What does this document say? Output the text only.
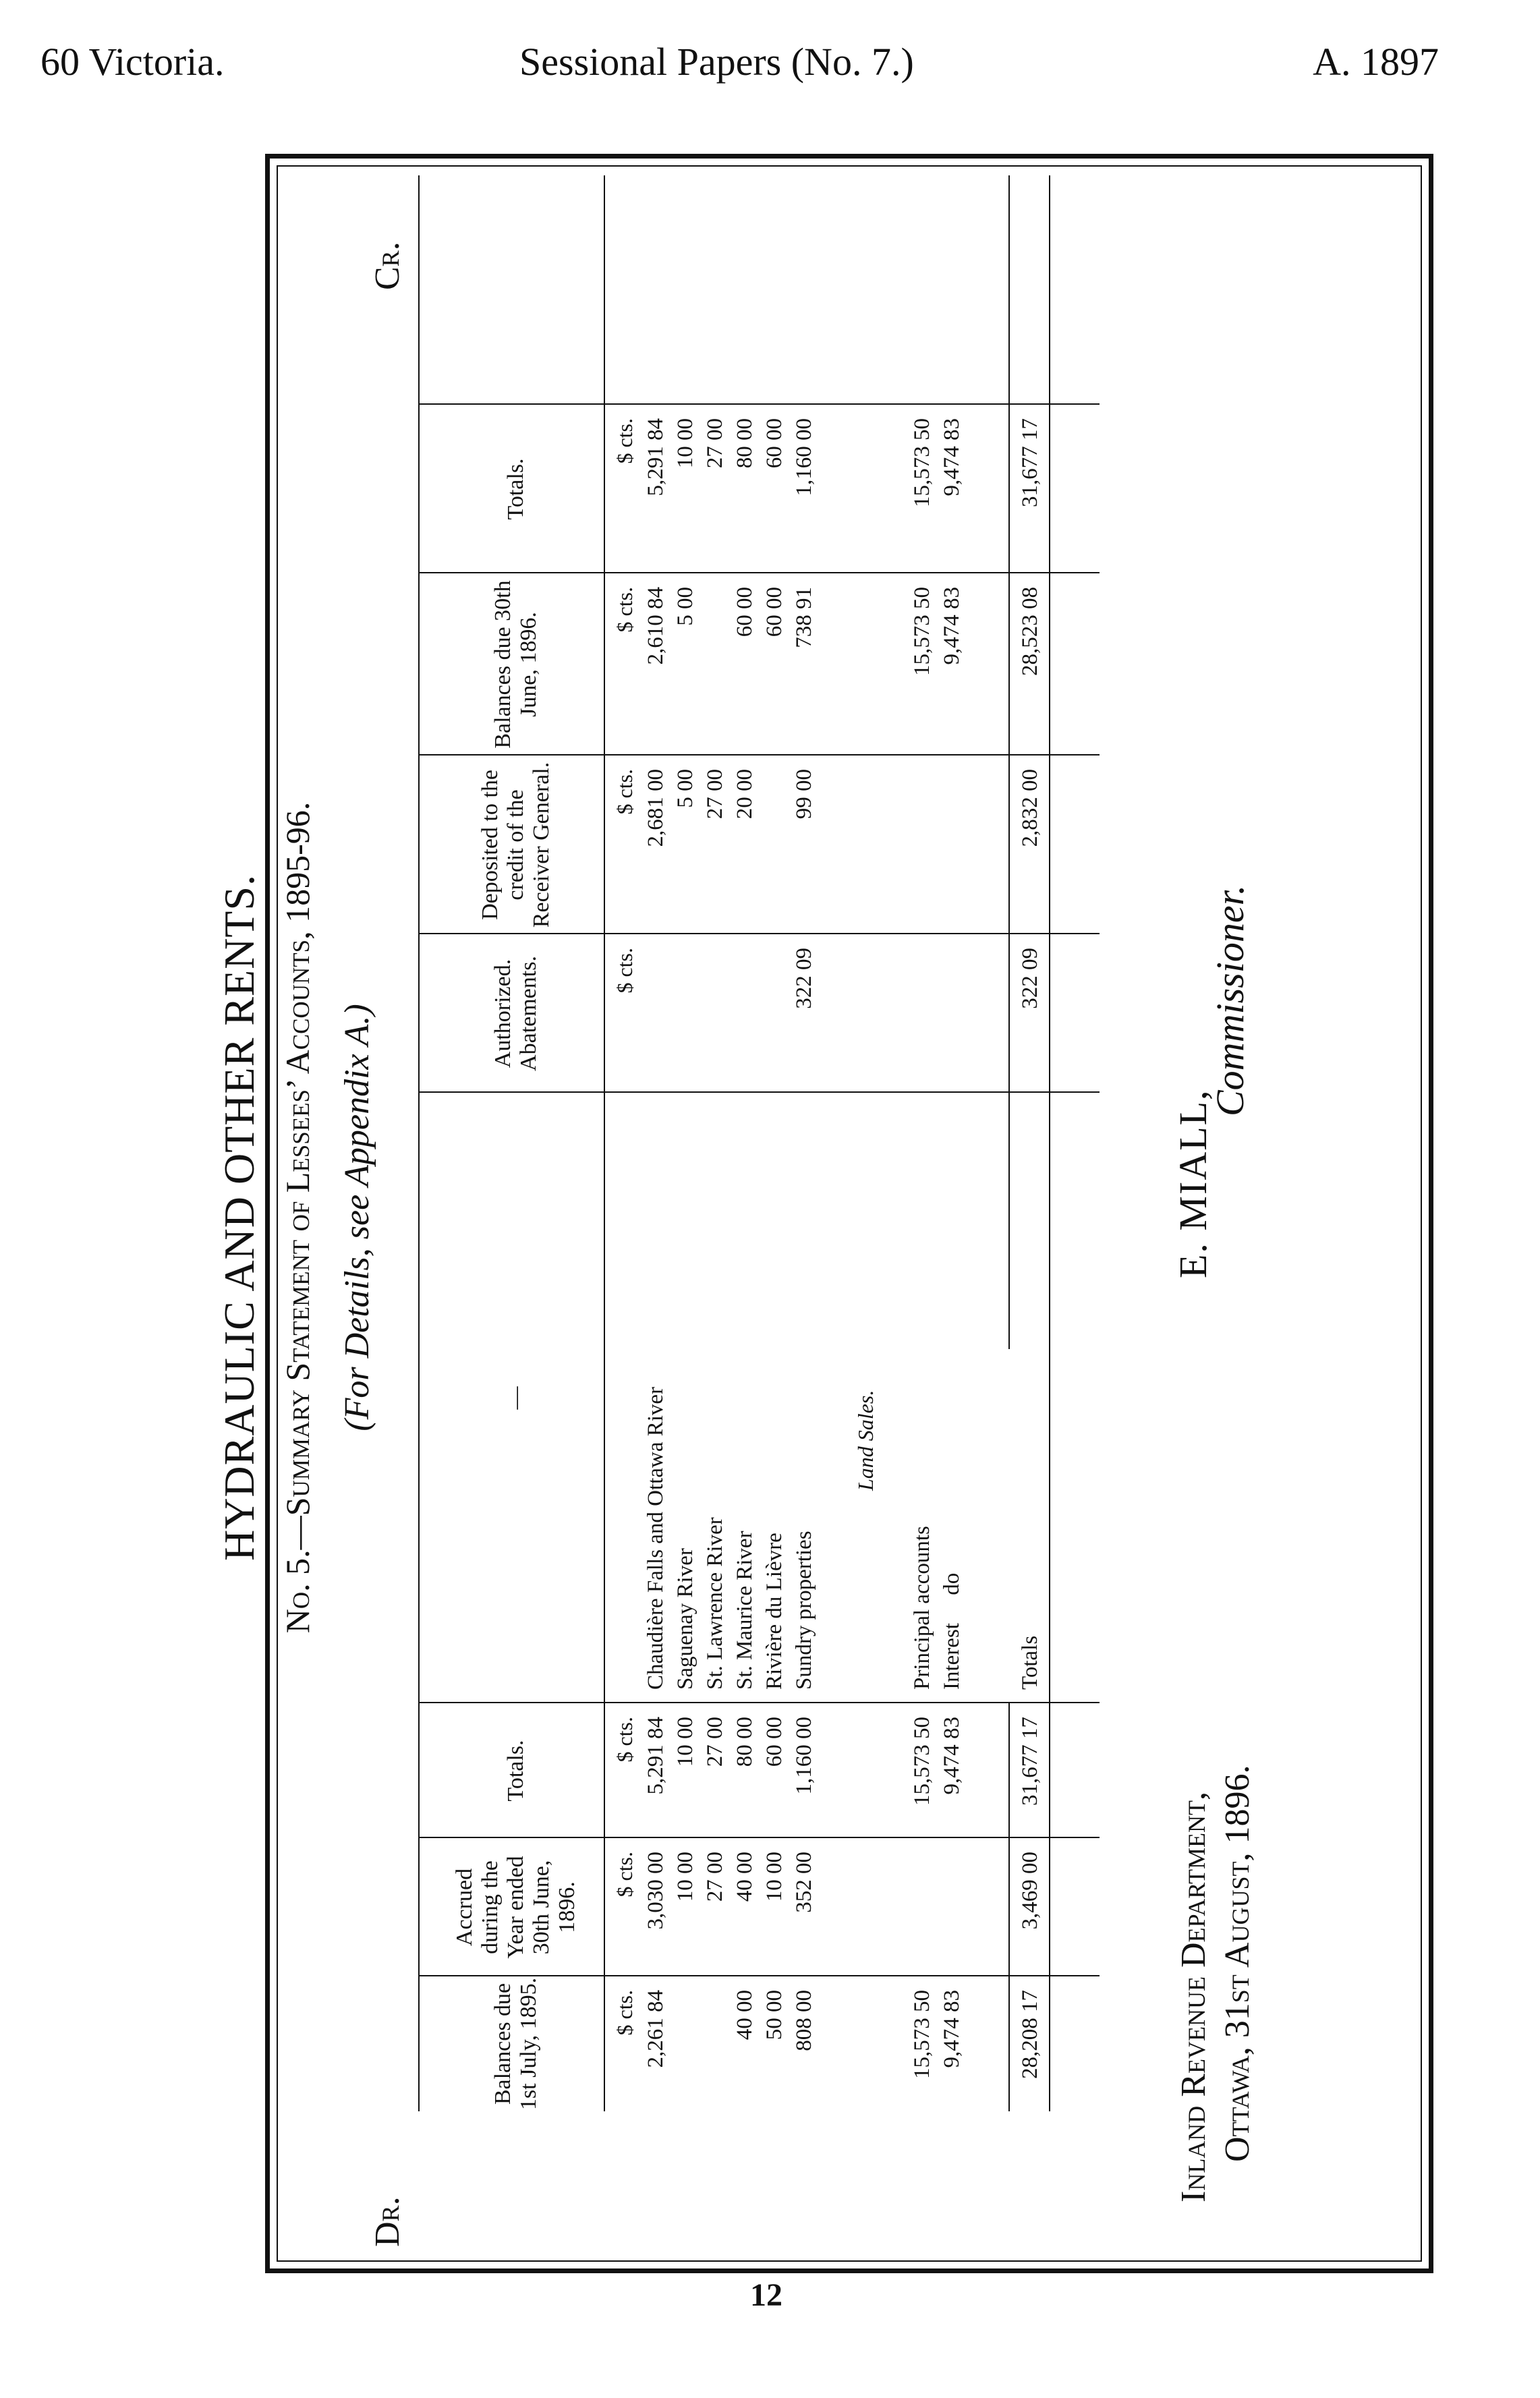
60 Victoria.	Sessional Papers (No. 7.)	A. 1897
HYDRAULIC AND OTHER RENTS. No. 5.—Summary Statement of Lessees’ Accounts, 1895-96. (For Details, see Appendix A.)
Dr.
Cr.
Balances due 1st July, 1895.
Accrued during the Year ended 30th June, 1896.
Totals.
—
Authorized. Abatements.
Deposited to the credit of the Receiver General.
Balances due 30th June, 1896.
Totals.
$ cts.
$ cts.
$ cts.
$ cts.
$ cts.
$ cts.
$ cts.
2,261 84
3,030 00
5,291 84
Chaudière Falls and Ottawa River
2,681 00
2,610 84
5,291 84
10 00
10 00
Saguenay River
5 00
5 00
10 00
27 00
27 00
St. Lawrence River
27 00
27 00
40 00
40 00
80 00
St. Maurice River
20 00
60 00
80 00
50 00
10 00
60 00
Rivière du Lièvre
60 00
60 00
808 00
352 00
1,160 00
Sundry properties
322 09
99 00
738 91
1,160 00
15,573 50
15,573 50
Principal accounts
15,573 50
15,573 50
9,474 83
9,474 83
Interest     do
9,474 83
9,474 83
28,208 17
3,469 00
31,677 17
Totals
322 09
2,832 00
28,523 08
31,677 17
Land Sales.
E. MIALL,
Commissioner.
Inland Revenue Department, Ottawa, 31st August, 1896.
12
